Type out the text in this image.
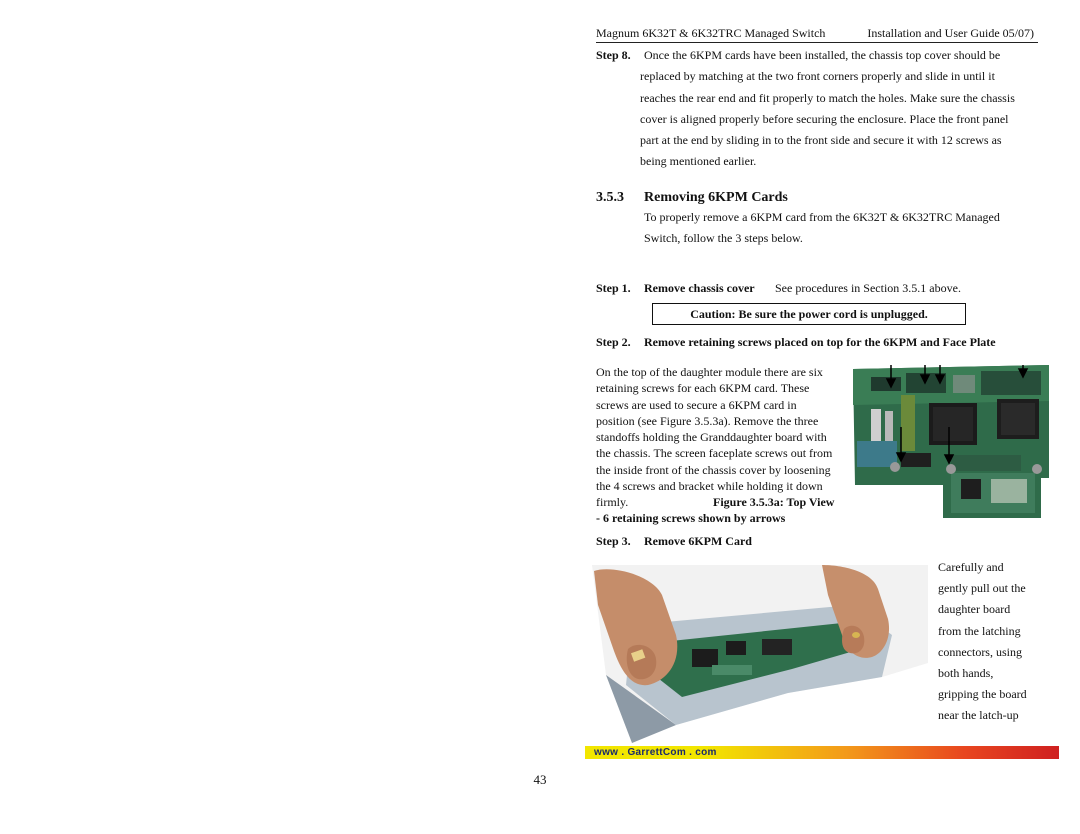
Magnum 6K32T & 6K32TRC Managed Switch	Installation and User Guide 05/07)
Step 8. Once the 6KPM cards have been installed, the chassis top cover should be
replaced by matching at the two front corners properly and slide in until it
reaches the rear end and fit properly to match the holes. Make sure the chassis
cover is aligned properly before securing the enclosure. Place the front panel
part at the end by sliding in to the front side and secure it with 12 screws as
being mentioned earlier.
3.5.3 Removing 6KPM Cards
To properly remove a 6KPM card from the 6K32T & 6K32TRC Managed
Switch, follow the 3 steps below.
Step 1. Remove chassis cover See procedures in Section 3.5.1 above.
Caution: Be sure the power cord is unplugged.
Step 2. Remove retaining screws placed on top for the 6KPM and Face Plate
On the top of the daughter module there are six
retaining screws for each 6KPM card. These
screws are used to secure a 6KPM card in
position (see Figure 3.5.3a). Remove the three
standoffs holding the Granddaughter board with
the chassis. The screen faceplate screws out from
the inside front of the chassis cover by loosening
the 4 screws and bracket while holding it down
firmly.	Figure 3.5.3a: Top View
- 6 retaining screws shown by arrows
Step 3. Remove 6KPM Card
Carefully and
gently pull out the
daughter board
from the latching
connectors, using
both hands,
gripping the board
near the latch-up
www . GarrettCom . com
43
